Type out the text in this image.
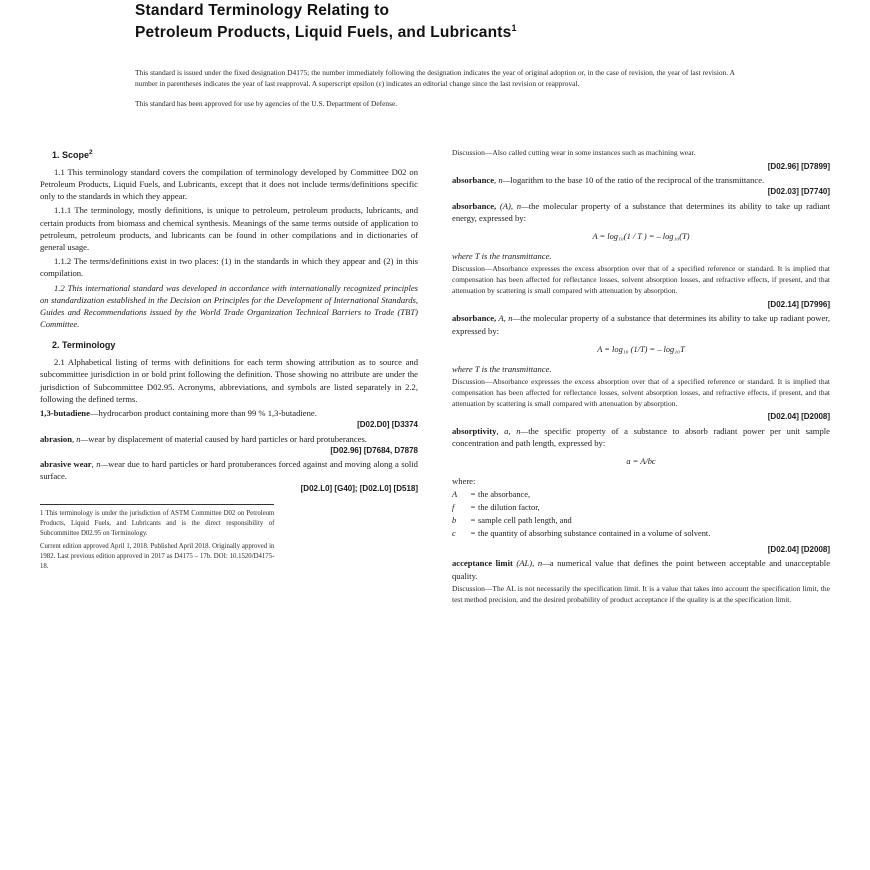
Standard Terminology Relating to
Petroleum Products, Liquid Fuels, and Lubricants$^1$

This standard is issued under the fixed designation D4175; the number immediately following the designation indicates the year of original adoption or, in the case of revision, the year of last revision. A number in parentheses indicates the year of last reapproval. A superscript epsilon (ε) indicates an editorial change since the last revision or reapproval.

This standard has been approved for use by agencies of the U.S. Department of Defense.

1. Scope$^2$

1.1 This terminology standard covers the compilation of terminology developed by Committee D02 on Petroleum Products, Liquid Fuels, and Lubricants, except that it does not include terms/definitions specific only to the standards in which they appear.

1.1.1 The terminology, mostly definitions, is unique to petroleum, petroleum products, lubricants, and certain products from biomass and chemical synthesis. Meanings of the same terms outside of application to petroleum, petroleum products, and lubricants can be found in other compilations and in dictionaries of general usage.

1.1.2 The terms/definitions exist in two places: (1) in the standards in which they appear and (2) in this compilation.

1.2 This international standard was developed in accordance with internationally recognized principles on standardization established in the Decision on Principles for the Development of International Standards, Guides and Recommendations issued by the World Trade Organization Technical Barriers to Trade (TBT) Committee.

2. Terminology

2.1 Alphabetical listing of terms with definitions for each term showing attribution as to source and subcommittee jurisdiction in or bold print following the definition. Those showing no attribute are under the jurisdiction of Subcommittee D02.95. Acronyms, abbreviations, and symbols are listed separately in 2.2, following the defined terms.

1,3-butadiene—hydrocarbon product containing more than 99 % 1,3-butadiene.
[D02.D0] [D3374

abrasion, n—wear by displacement of material caused by hard particles or hard protuberances.
[D02.96] [D7684, D7878

abrasive wear, n—wear due to hard particles or hard protuberances forced against and moving along a solid surface.
[D02.L0] [G40]; [D02.L0] [D518]

1 This terminology is under the jurisdiction of ASTM Committee D02 on Petroleum Products, Liquid Fuels, and Lubricants and is the direct responsibility of Subcommittee D02.95 on Terminology.

Current edition approved April 1, 2018. Published April 2018. Originally approved in 1982. Last previous edition approved in 2017 as D4175 – 17b. DOI: 10.1520/D4175-18.

Discussion—Also called cutting wear in some instances such as machining wear.

[D02.96] [D7899]

absorbance, n—logarithm to the base 10 of the ratio of the reciprocal of the transmittance.
[D02.03] [D7740]

absorbance, (A), n—the molecular property of a substance that determines its ability to take up radiant energy, expressed by:

A = log₁₀(1 / T ) = – log₁₀(T)

where T is the transmittance.

Discussion—Absorbance expresses the excess absorption over that of a specified reference or standard. It is implied that compensation has been affected for reflectance losses, solvent absorption losses, and refractive effects, if present, and that attenuation by scattering is small compared with attenuation by absorption.

[D02.14] [D7996]

absorbance, A, n—the molecular property of a substance that determines its ability to take up radiant power, expressed by:

A = log₁₀ (1/T) = – log₁₀T

where T is the transmittance.

Discussion—Absorbance expresses the excess absorption over that of a specified reference or standard. It is implied that compensation has been affected for reflectance losses, solvent absorption losses, and refractive effects, if present, and that attenuation by scattering is small compared with attenuation by absorption.

[D02.04] [D2008]

absorptivity, a, n—the specific property of a substance to absorb radiant power per unit sample concentration and path length, expressed by:

a = A/bc

where:

A	= the absorbance,
f	= the dilution factor,
b	= sample cell path length, and
c	= the quantity of absorbing substance contained in a volume of solvent.

[D02.04] [D2008]

acceptance limit (AL), n—a numerical value that defines the point between acceptable and unacceptable quality.

Discussion—The AL is not necessarily the specification limit. It is a value that takes into account the specification limit, the test method precision, and the desired probability of product acceptance if the quality is at the specification limit.
